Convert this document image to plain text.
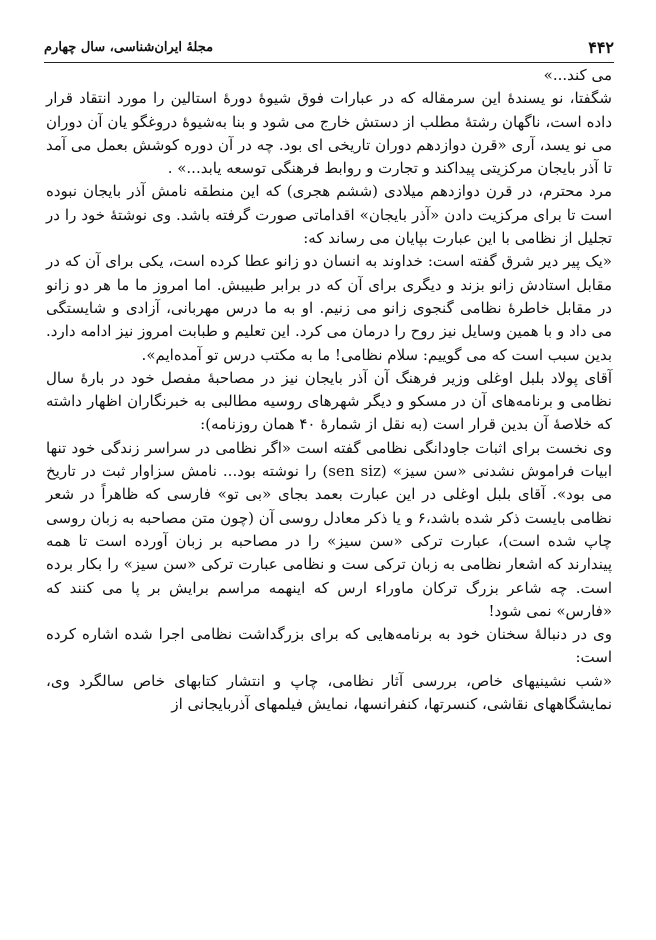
۴۴۲
مجلهٔ ایران‌شناسی، سال چهارم

می کند...»

شگفتا، نو یسندهٔ این سرمقاله که در عبارات فوق شیوهٔ دورهٔ استالین را مورد انتقاد قرار داده است، ناگهان رشتهٔ مطلب از دستش خارج می شود و بنا به‌شیوهٔ دروغگو یان آن دوران می نو یسد، آری «قرن دوازدهم دوران تاریخی ای بود. چه در آن دوره کوشش بعمل می آمد تا آذر بایجان مرکزیتی پیداکند و تجارت و روابط فرهنگی توسعه یابد...» .

مرد محترم، در قرن دوازدهم میلادی (ششم هجری) که این منطقه نامش آذر بایجان نبوده است تا برای مرکزیت دادن «آذر بایجان» اقداماتی صورت گرفته باشد. وی نوشتهٔ خود را در تجلیل از نظامی با این عبارت بپایان می رساند که:

«یک پیر دیر شرق گفته است: خداوند به انسان دو زانو عطا کرده است، یکی برای آن که در مقابل استادش زانو بزند و دیگری برای آن که در برابر طبیبش. اما امروز ما ما هر دو زانو در مقابل خاطرهٔ نظامی گنجوی زانو می زنیم. او به ما درس مهربانی، آزادی و شایستگی می داد و با همین وسایل نیز روح را درمان می کرد. این تعلیم و طبابت امروز نیز ادامه دارد. بدین سبب است که می گوییم: سلام نظامی! ما به مکتب درس تو آمده‌ایم».

آقای پولاد بلبل اوغلی وزیر فرهنگ آن آذر بایجان نیز در مصاحبهٔ مفصل خود در بارهٔ سال نظامی و برنامه‌های آن در مسکو و دیگر شهرهای روسیه مطالبی به خبرنگاران اظهار داشته که خلاصهٔ آن بدین قرار است (به نقل از شمارهٔ ۴۰ همان روزنامه):

وی نخست برای اثبات جاودانگی نظامی گفته است «اگر نظامی در سراسر زندگی خود تنها ابیات فراموش نشدنی «سن سیز» (sen siz) را نوشته بود... نامش سزاوار ثبت در تاریخ می بود». آقای بلبل اوغلی در این عبارت بعمد بجای «بی تو» فارسی که ظاهراً در شعر نظامی بایست ذکر شده باشد،۶ و یا ذکر معادل روسی آن (چون متن مصاحبه به زبان روسی چاپ شده است)، عبارت ترکی «سن سیز» را در مصاحبه بر زبان آورده است تا همه پیندارند که اشعار نظامی به زبان ترکی ست و نظامی عبارت ترکی «سن سیز» را بکار برده است. چه شاعر بزرگ ترکان ماوراء ارس که اینهمه مراسم برایش بر پا می کنند که «فارس» نمی شود!

وی در دنبالهٔ سخنان خود به برنامه‌هایی که برای بزرگداشت نظامی اجرا شده اشاره کرده است:

«شب نشینیهای خاص، بررسی آثار نظامی، چاپ و انتشار کتابهای خاص سالگرد وی، نمایشگاههای نقاشی، کنسرتها، کنفرانسها، نمایش فیلمهای آذربایجانی از
